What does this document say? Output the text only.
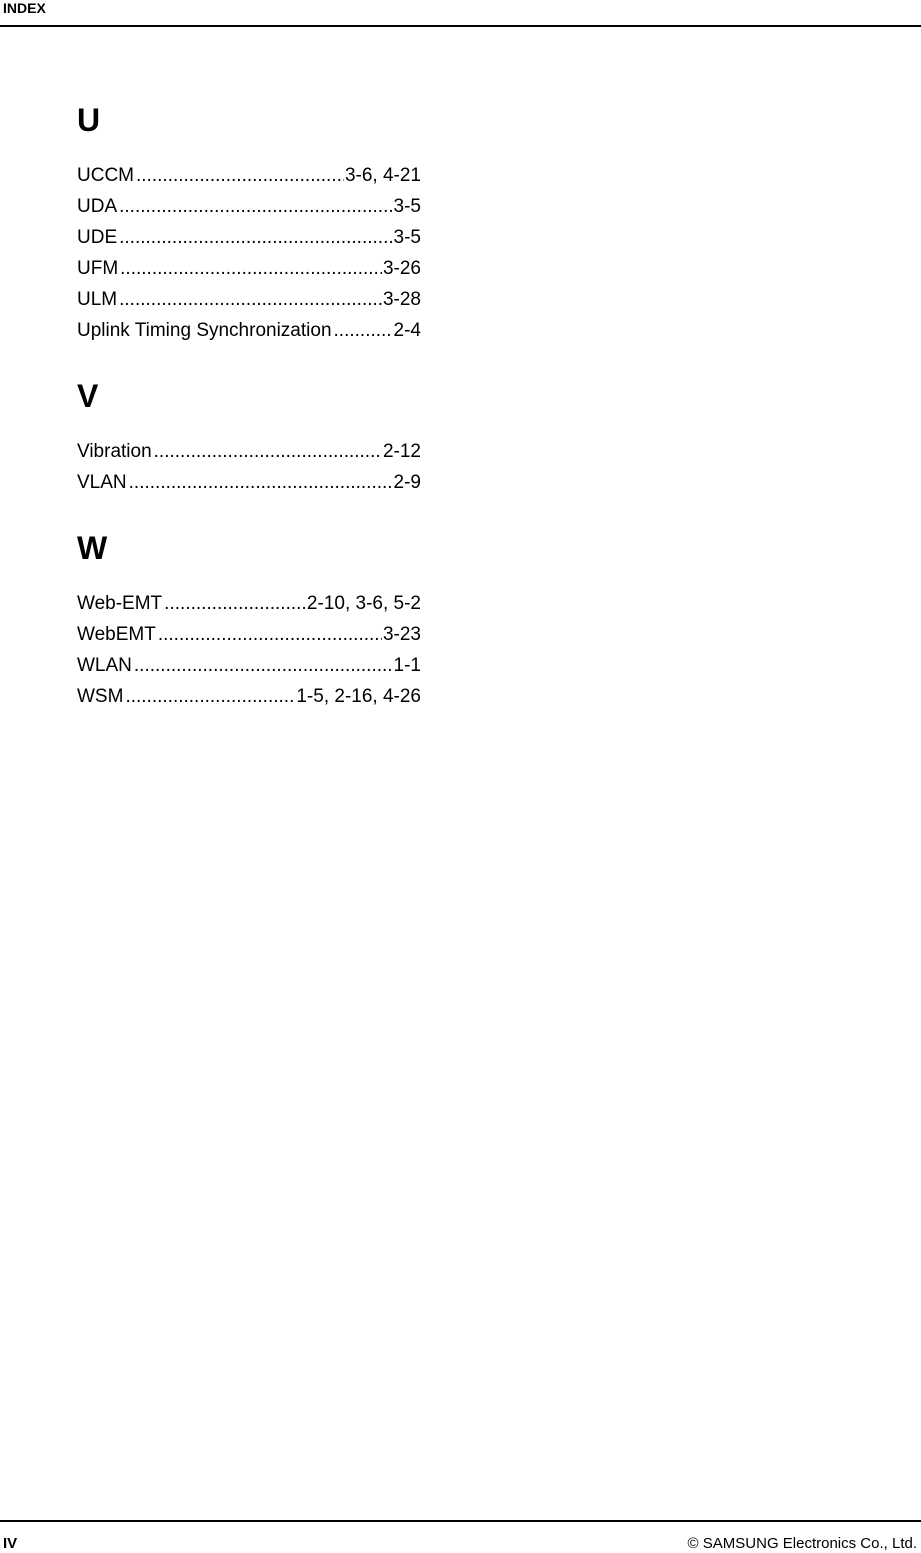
INDEX
U
UCCM .....	3-6, 4-21
UDA .....	3-5
UDE .....	3-5
UFM .....	3-26
ULM .....	3-28
Uplink Timing Synchronization .....	2-4
V
Vibration .....	2-12
VLAN .....	2-9
W
Web-EMT .....	2-10, 3-6, 5-2
WebEMT .....	3-23
WLAN .....	1-1
WSM .....	1-5, 2-16, 4-26
IV	© SAMSUNG Electronics Co., Ltd.
